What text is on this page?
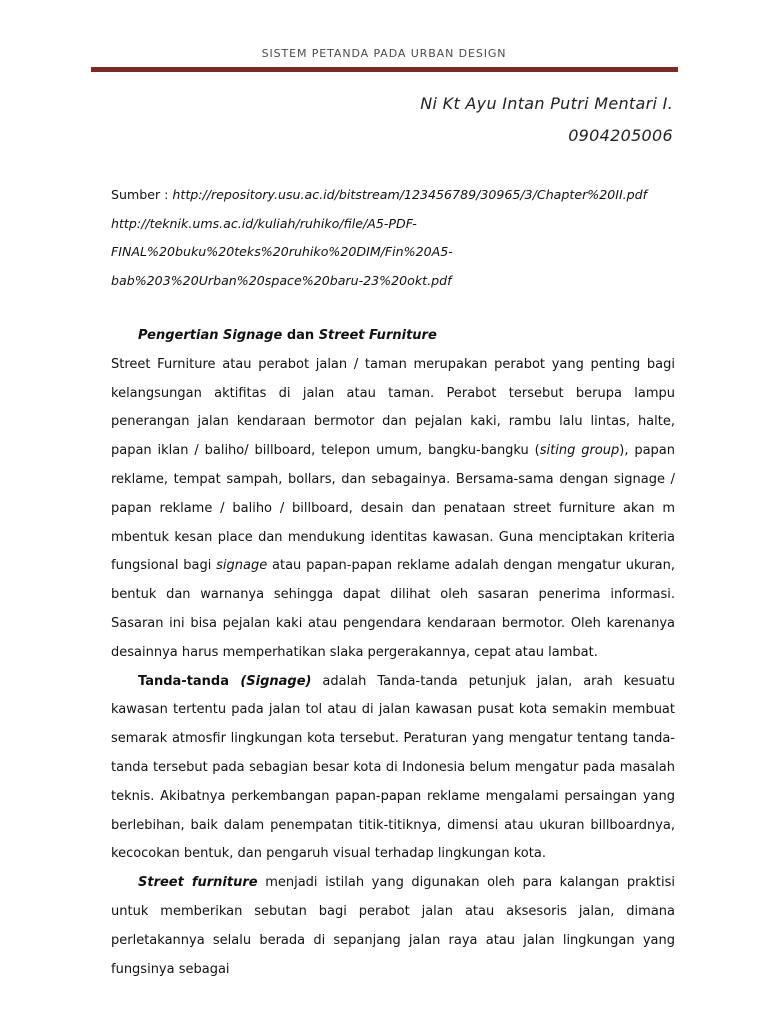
SISTEM PETANDA PADA URBAN DESIGN
Ni Kt Ayu Intan Putri Mentari I.
0904205006
Sumber : http://repository.usu.ac.id/bitstream/123456789/30965/3/Chapter%20II.pdf
http://teknik.ums.ac.id/kuliah/ruhiko/file/A5-PDF-
FINAL%20buku%20teks%20ruhiko%20DIM/Fin%20A5-
bab%203%20Urban%20space%20baru-23%20okt.pdf

Pengertian Signage dan Street Furniture

Street Furniture atau perabot jalan / taman merupakan perabot yang penting bagi kelangsungan aktifitas di jalan atau taman. Perabot tersebut berupa lampu penerangan jalan kendaraan bermotor dan pejalan kaki, rambu lalu lintas, halte, papan iklan / baliho/ billboard, telepon umum, bangku-bangku (siting group), papan reklame, tempat sampah, bollars, dan sebagainya. Bersama-sama dengan signage / papan reklame / baliho / billboard, desain dan penataan street furniture akan m mbentuk kesan place dan mendukung identitas kawasan. Guna menciptakan kriteria fungsional bagi signage atau papan-papan reklame adalah dengan mengatur ukuran, bentuk dan warnanya sehingga dapat dilihat oleh sasaran penerima informasi. Sasaran ini bisa pejalan kaki atau pengendara kendaraan bermotor. Oleh karenanya desainnya harus memperhatikan slaka pergerakannya, cepat atau lambat.

Tanda-tanda (Signage) adalah Tanda-tanda petunjuk jalan, arah kesuatu kawasan tertentu pada jalan tol atau di jalan kawasan pusat kota semakin membuat semarak atmosfir lingkungan kota tersebut. Peraturan yang mengatur tentang tanda-tanda tersebut pada sebagian besar kota di Indonesia belum mengatur pada masalah teknis. Akibatnya perkembangan papan-papan reklame mengalami persaingan yang berlebihan, baik dalam penempatan titik-titiknya, dimensi atau ukuran billboardnya, kecocokan bentuk, dan pengaruh visual terhadap lingkungan kota.

Street furniture menjadi istilah yang digunakan oleh para kalangan praktisi untuk memberikan sebutan bagi perabot jalan atau aksesoris jalan, dimana perletakannya selalu berada di sepanjang jalan raya atau jalan lingkungan yang fungsinya sebagai
